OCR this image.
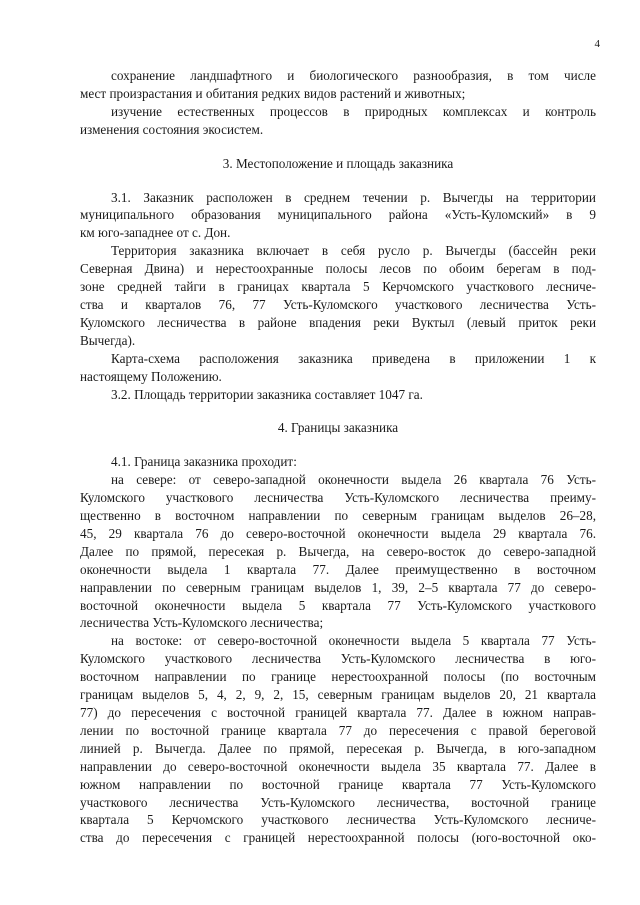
4

сохранение ландшафтного и биологического разнообразия, в том числе
мест произрастания и обитания редких видов растений и животных;

изучение естественных процессов в природных комплексах и контроль
изменения состояния экосистем.

3. Местоположение и площадь заказника

3.1. Заказник расположен в среднем течении р. Вычегды на территории
муниципального образования муниципального района «Усть-Куломский» в 9
км юго-западнее от с. Дон.

Территория заказника включает в себя русло р. Вычегды (бассейн реки
Северная Двина) и нерестоохранные полосы лесов по обоим берегам в под-
зоне средней тайги в границах квартала 5 Керчомского участкового лесниче-
ства и кварталов 76, 77 Усть-Куломского участкового лесничества Усть-
Куломского лесничества в районе впадения реки Вуктыл (левый приток реки
Вычегда).

Карта-схема расположения заказника приведена в приложении 1 к
настоящему Положению.

3.2. Площадь территории заказника составляет 1047 га.

4. Границы заказника

4.1. Граница заказника проходит:

на севере: от северо-западной оконечности выдела 26 квартала 76 Усть-
Куломского участкового лесничества Усть-Куломского лесничества преиму-
щественно в восточном направлении по северным границам выделов 26–28,
45, 29 квартала 76 до северо-восточной оконечности выдела 29 квартала 76.
Далее по прямой, пересекая р. Вычегда, на северо-восток до северо-западной
оконечности выдела 1 квартала 77. Далее преимущественно в восточном
направлении по северным границам выделов 1, 39, 2–5 квартала 77 до северо-
восточной оконечности выдела 5 квартала 77 Усть-Куломского участкового
лесничества Усть-Куломского лесничества;

на востоке: от северо-восточной оконечности выдела 5 квартала 77 Усть-
Куломского участкового лесничества Усть-Куломского лесничества в юго-
восточном направлении по границе нерестоохранной полосы (по восточным
границам выделов 5, 4, 2, 9, 2, 15, северным границам выделов 20, 21 квартала
77) до пересечения с восточной границей квартала 77. Далее в южном направ-
лении по восточной границе квартала 77 до пересечения с правой береговой
линией р. Вычегда. Далее по прямой, пересекая р. Вычегда, в юго-западном
направлении до северо-восточной оконечности выдела 35 квартала 77. Далее в
южном направлении по восточной границе квартала 77 Усть-Куломского
участкового лесничества Усть-Куломского лесничества, восточной границе
квартала 5 Керчомского участкового лесничества Усть-Куломского лесниче-
ства до пересечения с границей нерестоохранной полосы (юго-восточной око-
